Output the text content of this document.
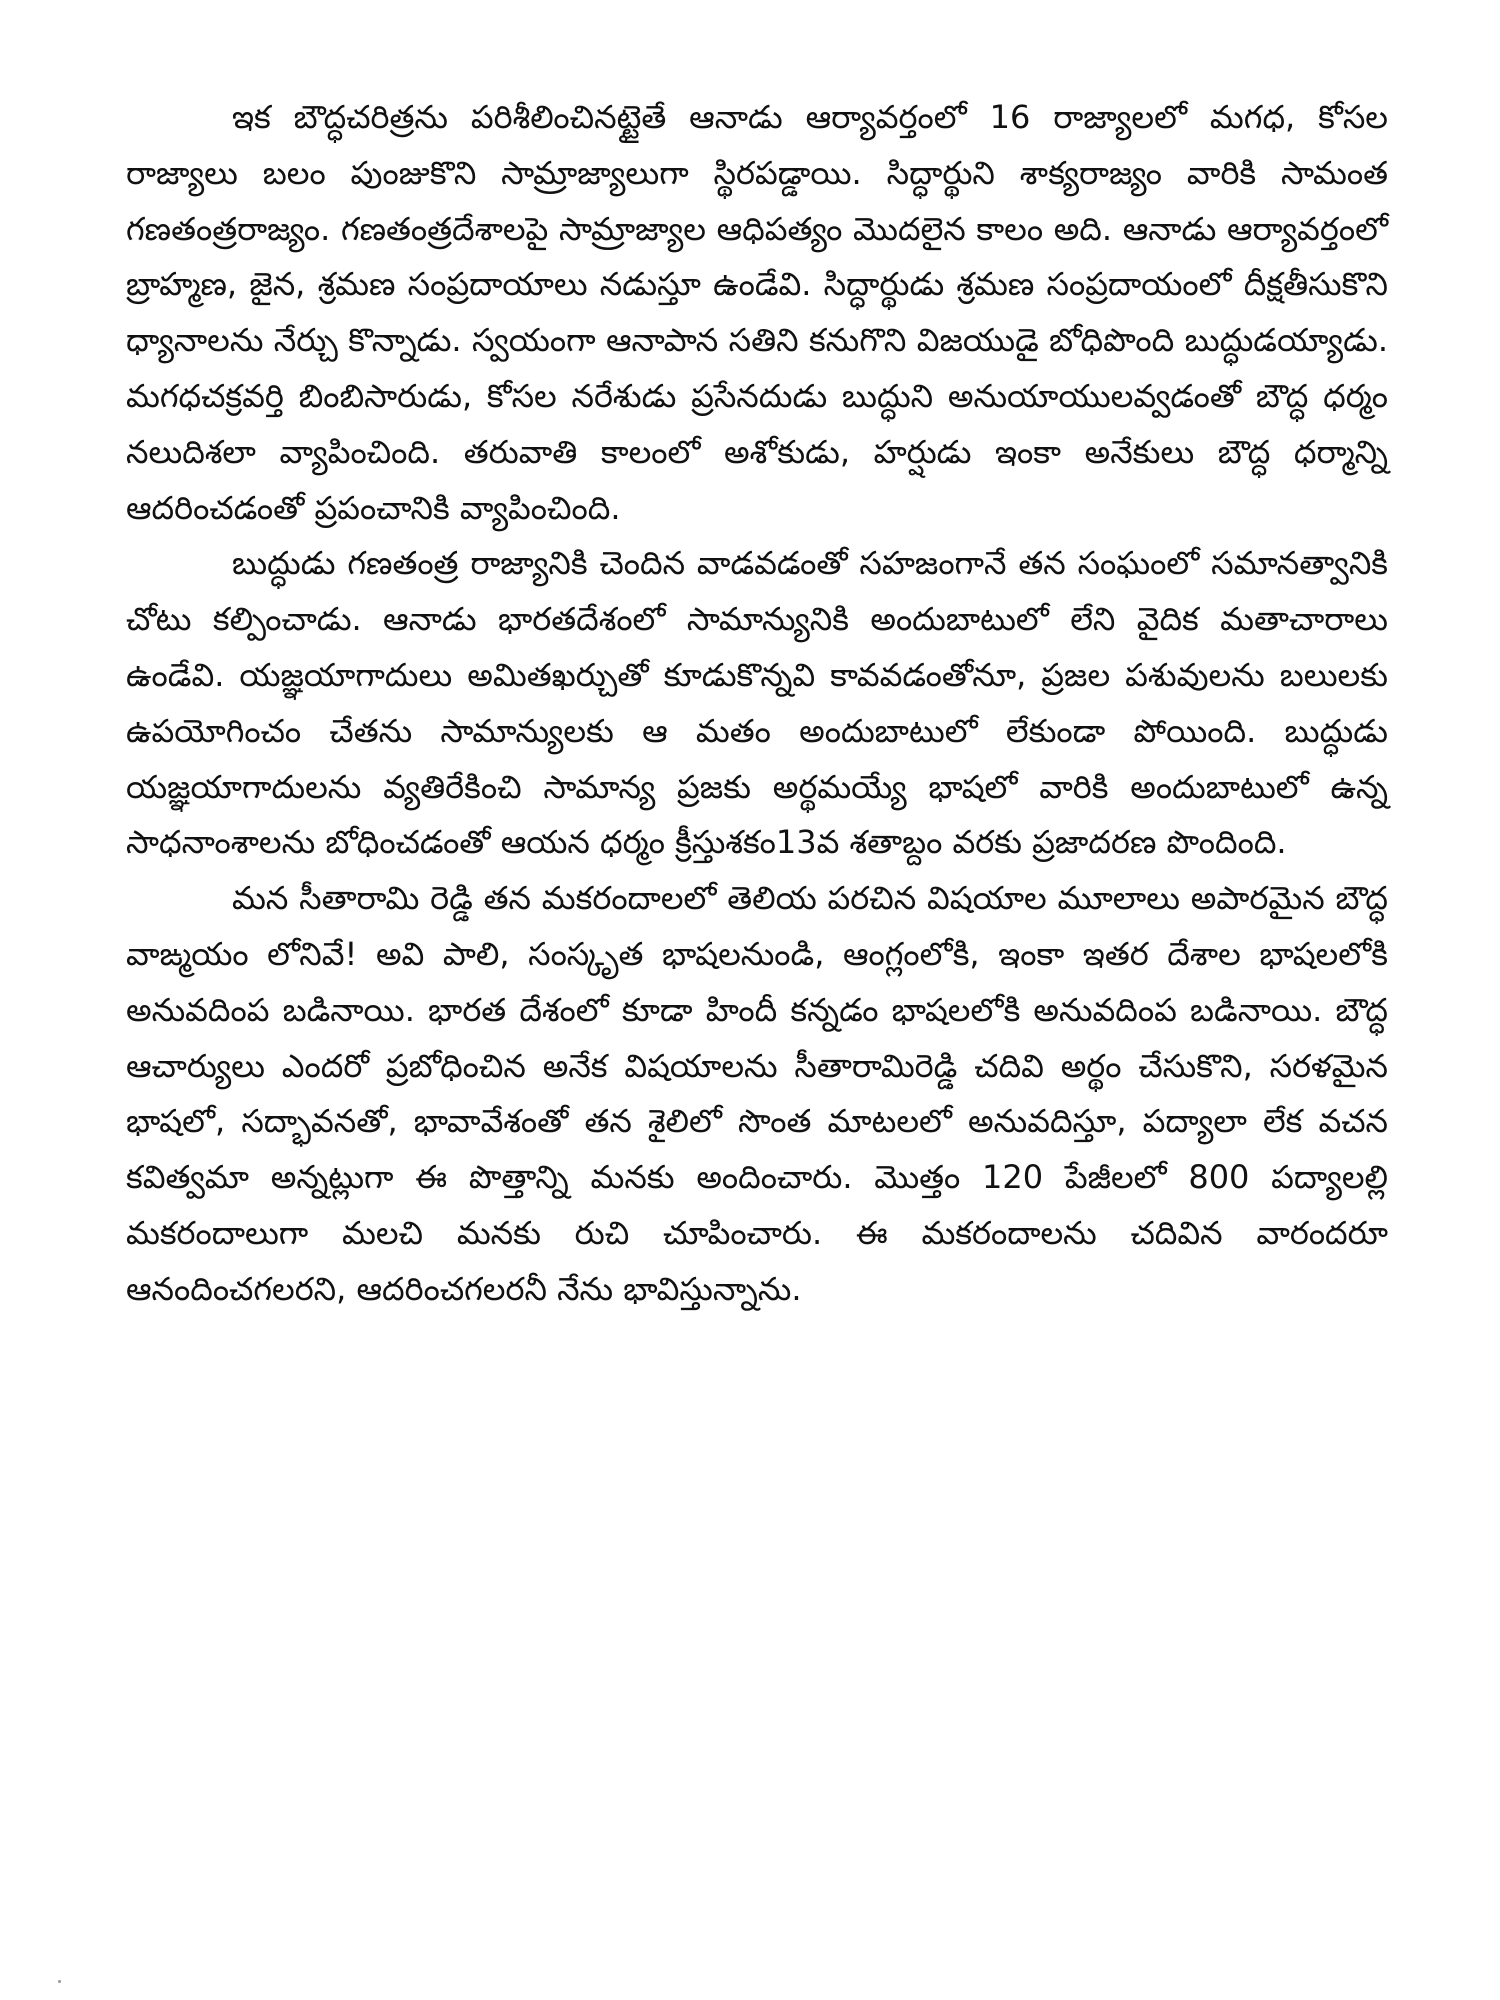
ఇక బౌద్ధచరిత్రను పరిశీలించినట్టైతే ఆనాడు ఆర్యావర్తంలో 16 రాజ్యాలలో మగధ, కోసల రాజ్యాలు బలం పుంజుకొని సామ్రాజ్యాలుగా స్థిరపడ్డాయి. సిద్ధార్థుని శాక్యరాజ్యం వారికి సామంత గణతంత్రరాజ్యం. గణతంత్రదేశాలపై సామ్రాజ్యాల ఆధిపత్యం మొదలైన కాలం అది. ఆనాడు ఆర్యావర్తంలో బ్రాహ్మణ, జైన, శ్రమణ సంప్రదాయాలు నడుస్తూ ఉండేవి. సిద్ధార్థుడు శ్రమణ సంప్రదాయంలో దీక్షతీసుకొని ధ్యానాలను నేర్చు కొన్నాడు. స్వయంగా ఆనాపాన సతిని కనుగొని విజయుడై బోధిపొంది బుద్ధుడయ్యాడు. మగధచక్రవర్తి బింబిసారుడు, కోసల నరేశుడు ప్రసేనదుడు బుద్ధుని అనుయాయులవ్వడంతో బౌద్ధ ధర్మం నలుదిశలా వ్యాపించింది. తరువాతి కాలంలో అశోకుడు, హర్షుడు ఇంకా అనేకులు బౌద్ధ ధర్మాన్ని ఆదరించడంతో ప్రపంచానికి వ్యాపించింది.

బుద్ధుడు గణతంత్ర రాజ్యానికి చెందిన వాడవడంతో సహజంగానే తన సంఘంలో సమానత్వానికి చోటు కల్పించాడు. ఆనాడు భారతదేశంలో సామాన్యునికి అందుబాటులో లేని వైదిక మతాచారాలు ఉండేవి. యజ్ఞయాగాదులు అమితఖర్చుతో కూడుకొన్నవి కావవడంతోనూ, ప్రజల పశువులను బలులకు ఉపయోగించం చేతను సామాన్యులకు ఆ మతం అందుబాటులో లేకుండా పోయింది. బుద్ధుడు యజ్ఞయాగాదులను వ్యతిరేకించి సామాన్య ప్రజకు అర్థమయ్యే భాషలో వారికి అందుబాటులో ఉన్న సాధనాంశాలను బోధించడంతో ఆయన ధర్మం క్రీస్తుశకం13వ శతాబ్దం వరకు ప్రజాదరణ పొందింది.

మన సీతారామి రెడ్డి తన మకరందాలలో తెలియ పరచిన విషయాల మూలాలు అపారమైన బౌద్ధ వాఙ్మయం లోనివే! అవి పాలి, సంస్కృత భాషలనుండి, ఆంగ్లంలోకి, ఇంకా ఇతర దేశాల భాషలలోకి అనువదింప బడినాయి. భారత దేశంలో కూడా హిందీ కన్నడం భాషలలోకి అనువదింప బడినాయి. బౌద్ధ ఆచార్యులు ఎందరో ప్రబోధించిన అనేక విషయాలను సీతారామిరెడ్డి చదివి అర్థం చేసుకొని, సరళమైన భాషలో, సద్భావనతో, భావావేశంతో తన శైలిలో సొంత మాటలలో అనువదిస్తూ, పద్యాలా లేక వచన కవిత్వమా అన్నట్లుగా ఈ పొత్తాన్ని మనకు అందించారు. మొత్తం 120 పేజీలలో 800 పద్యాలల్లి మకరందాలుగా మలచి మనకు రుచి చూపించారు. ఈ మకరందాలను చదివిన వారందరూ ఆనందించగలరని, ఆదరించగలరనీ నేను భావిస్తున్నాను.
